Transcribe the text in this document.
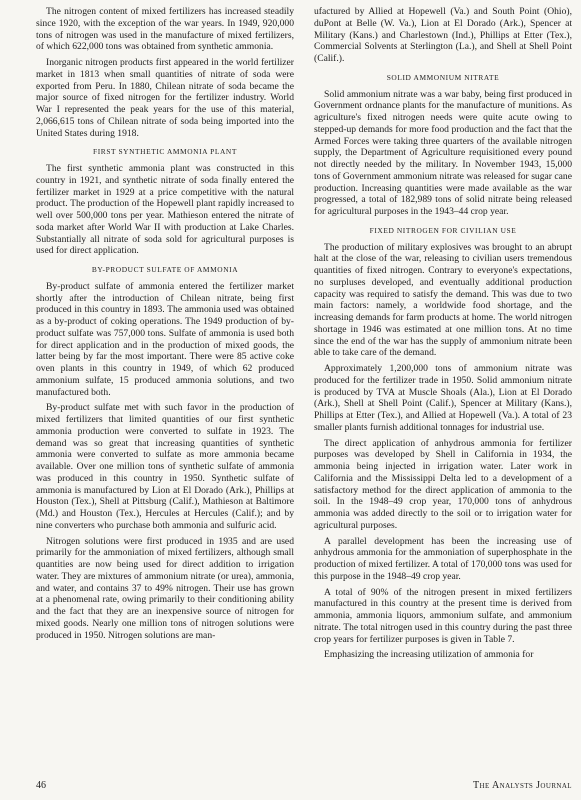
The nitrogen content of mixed fertilizers has increased steadily since 1920, with the exception of the war years. In 1949, 920,000 tons of nitrogen was used in the manufacture of mixed fertilizers, of which 622,000 tons was obtained from synthetic ammonia.

Inorganic nitrogen products first appeared in the world fertilizer market in 1813 when small quantities of nitrate of soda were exported from Peru. In 1880, Chilean nitrate of soda became the major source of fixed nitrogen for the fertilizer industry. World War I represented the peak years for the use of this material, 2,066,615 tons of Chilean nitrate of soda being imported into the United States during 1918.

FIRST SYNTHETIC AMMONIA PLANT

The first synthetic ammonia plant was constructed in this country in 1921, and synthetic nitrate of soda finally entered the fertilizer market in 1929 at a price competitive with the natural product. The production of the Hopewell plant rapidly increased to well over 500,000 tons per year. Mathieson entered the nitrate of soda market after World War II with production at Lake Charles. Substantially all nitrate of soda sold for agricultural purposes is used for direct application.

BY-PRODUCT SULFATE OF AMMONIA

By-product sulfate of ammonia entered the fertilizer market shortly after the introduction of Chilean nitrate, being first produced in this country in 1893. The ammonia used was obtained as a by-product of coking operations. The 1949 production of by-product sulfate was 757,000 tons. Sulfate of ammonia is used both for direct application and in the production of mixed goods, the latter being by far the most important. There were 85 active coke oven plants in this country in 1949, of which 62 produced ammonium sulfate, 15 produced ammonia solutions, and two manufactured both.

By-product sulfate met with such favor in the production of mixed fertilizers that limited quantities of our first synthetic ammonia production were converted to sulfate in 1923. The demand was so great that increasing quantities of synthetic ammonia were converted to sulfate as more ammonia became available. Over one million tons of synthetic sulfate of ammonia was produced in this country in 1950. Synthetic sulfate of ammonia is manufactured by Lion at El Dorado (Ark.), Phillips at Houston (Tex.), Shell at Pittsburg (Calif.), Mathieson at Baltimore (Md.) and Houston (Tex.), Hercules at Hercules (Calif.); and by nine converters who purchase both ammonia and sulfuric acid.

Nitrogen solutions were first produced in 1935 and are used primarily for the ammoniation of mixed fertilizers, although small quantities are now being used for direct addition to irrigation water. They are mixtures of ammonium nitrate (or urea), ammonia, and water, and contains 37 to 49% nitrogen. Their use has grown at a phenomenal rate, owing primarily to their conditioning ability and the fact that they are an inexpensive source of nitrogen for mixed goods. Nearly one million tons of nitrogen solutions were produced in 1950. Nitrogen solutions are man-

ufactured by Allied at Hopewell (Va.) and South Point (Ohio), duPont at Belle (W. Va.), Lion at El Dorado (Ark.), Spencer at Military (Kans.) and Charlestown (Ind.), Phillips at Etter (Tex.), Commercial Solvents at Sterlington (La.), and Shell at Shell Point (Calif.).

SOLID AMMONIUM NITRATE

Solid ammonium nitrate was a war baby, being first produced in Government ordnance plants for the manufacture of munitions. As agriculture's fixed nitrogen needs were quite acute owing to stepped-up demands for more food production and the fact that the Armed Forces were taking three quarters of the available nitrogen supply, the Department of Agriculture requisitioned every pound not directly needed by the military. In November 1943, 15,000 tons of Government ammonium nitrate was released for sugar cane production. Increasing quantities were made available as the war progressed, a total of 182,989 tons of solid nitrate being released for agricultural purposes in the 1943–44 crop year.

FIXED NITROGEN FOR CIVILIAN USE

The production of military explosives was brought to an abrupt halt at the close of the war, releasing to civilian users tremendous quantities of fixed nitrogen. Contrary to everyone's expectations, no surpluses developed, and eventually additional production capacity was required to satisfy the demand. This was due to two main factors: namely, a worldwide food shortage, and the increasing demands for farm products at home. The world nitrogen shortage in 1946 was estimated at one million tons. At no time since the end of the war has the supply of ammonium nitrate been able to take care of the demand.

Approximately 1,200,000 tons of ammonium nitrate was produced for the fertilizer trade in 1950. Solid ammonium nitrate is produced by TVA at Muscle Shoals (Ala.), Lion at El Dorado (Ark.), Shell at Shell Point (Calif.), Spencer at Military (Kans.), Phillips at Etter (Tex.), and Allied at Hopewell (Va.). A total of 23 smaller plants furnish additional tonnages for industrial use.

The direct application of anhydrous ammonia for fertilizer purposes was developed by Shell in California in 1934, the ammonia being injected in irrigation water. Later work in California and the Mississippi Delta led to a development of a satisfactory method for the direct application of ammonia to the soil. In the 1948–49 crop year, 170,000 tons of anhydrous ammonia was added directly to the soil or to irrigation water for agricultural purposes.

A parallel development has been the increasing use of anhydrous ammonia for the ammoniation of superphosphate in the production of mixed fertilizer. A total of 170,000 tons was used for this purpose in the 1948–49 crop year.

A total of 90% of the nitrogen present in mixed fertilizers manufactured in this country at the present time is derived from ammonia, ammonia liquors, ammonium sulfate, and ammonium nitrate. The total nitrogen used in this country during the past three crop years for fertilizer purposes is given in Table 7.

Emphasizing the increasing utilization of ammonia for

46	The Analysts Journal
